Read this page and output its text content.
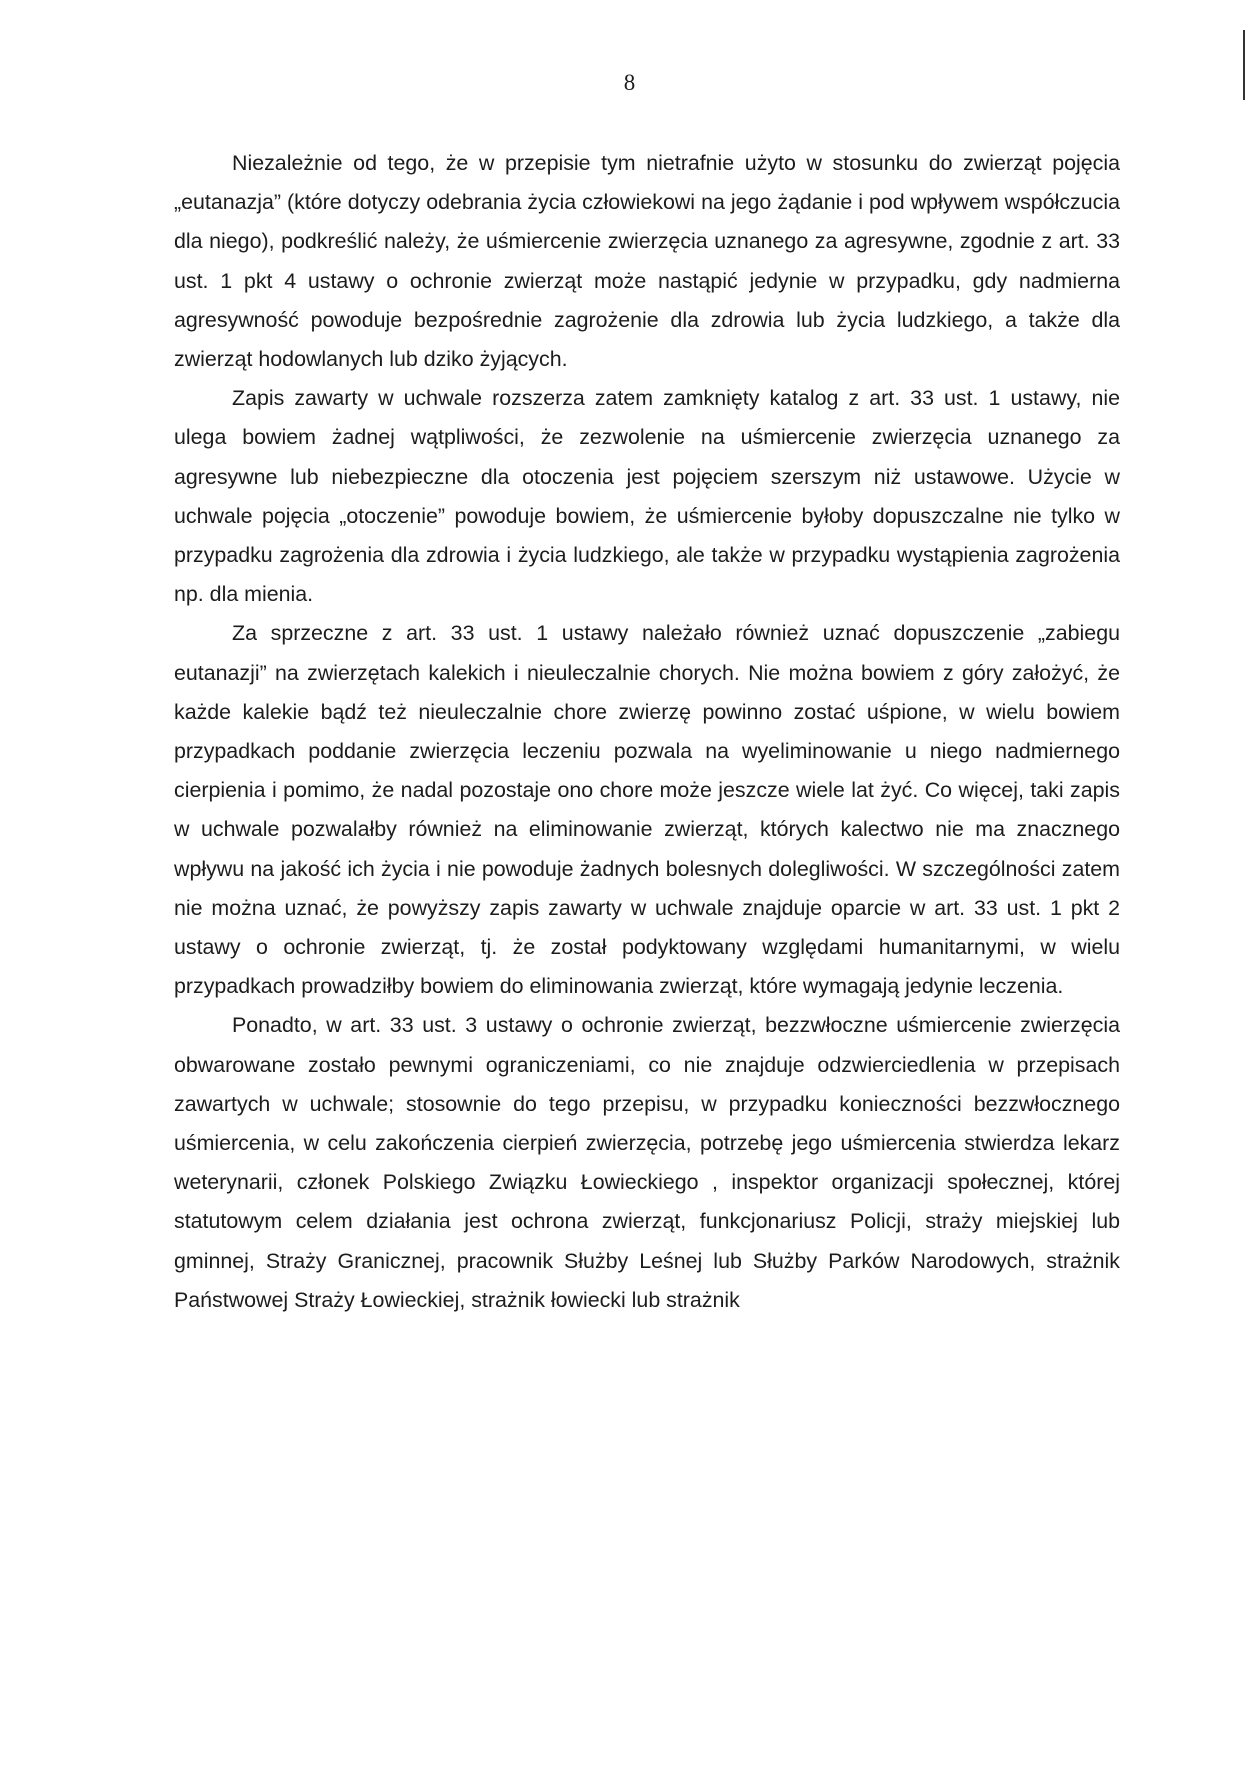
8

Niezależnie od tego, że w przepisie tym nietrafnie użyto w stosunku do zwierząt pojęcia „eutanazja” (które dotyczy odebrania życia człowiekowi na jego żądanie i pod wpływem współczucia dla niego), podkreślić należy, że uśmiercenie zwierzęcia uznanego za agresywne, zgodnie z art. 33 ust. 1 pkt 4 ustawy o ochronie zwierząt może nastąpić jedynie w przypadku, gdy nadmierna agresywność powoduje bezpośrednie zagrożenie dla zdrowia lub życia ludzkiego, a także dla zwierząt hodowlanych lub dziko żyjących.

Zapis zawarty w uchwale rozszerza zatem zamknięty katalog z art. 33 ust. 1 ustawy, nie ulega bowiem żadnej wątpliwości, że zezwolenie na uśmiercenie zwierzęcia uznanego za agresywne lub niebezpieczne dla otoczenia jest pojęciem szerszym niż ustawowe. Użycie w uchwale pojęcia „otoczenie” powoduje bowiem, że uśmiercenie byłoby dopuszczalne nie tylko w przypadku zagrożenia dla zdrowia i życia ludzkiego, ale także w przypadku wystąpienia zagrożenia np. dla mienia.

Za sprzeczne z art. 33 ust. 1 ustawy należało również uznać dopuszczenie „zabiegu eutanazji” na zwierzętach kalekich i nieuleczalnie chorych. Nie można bowiem z góry założyć, że każde kalekie bądź też nieuleczalnie chore zwierzę powinno zostać uśpione, w wielu bowiem przypadkach poddanie zwierzęcia leczeniu pozwala na wyeliminowanie u niego nadmiernego cierpienia i pomimo, że nadal pozostaje ono chore może jeszcze wiele lat żyć. Co więcej, taki zapis w uchwale pozwalałby również na eliminowanie zwierząt, których kalectwo nie ma znacznego wpływu na jakość ich życia i nie powoduje żadnych bolesnych dolegliwości. W szczególności zatem nie można uznać, że powyższy zapis zawarty w uchwale znajduje oparcie w art. 33 ust. 1 pkt 2 ustawy o ochronie zwierząt, tj. że został podyktowany względami humanitarnymi, w wielu przypadkach prowadziłby bowiem do eliminowania zwierząt, które wymagają jedynie leczenia.

Ponadto, w art. 33 ust. 3 ustawy o ochronie zwierząt, bezzwłoczne uśmiercenie zwierzęcia obwarowane zostało pewnymi ograniczeniami, co nie znajduje odzwierciedlenia w przepisach zawartych w uchwale; stosownie do tego przepisu, w przypadku konieczności bezzwłocznego uśmiercenia, w celu zakończenia cierpień zwierzęcia, potrzebę jego uśmiercenia stwierdza lekarz weterynarii, członek Polskiego Związku Łowieckiego , inspektor organizacji społecznej, której statutowym celem działania jest ochrona zwierząt, funkcjonariusz Policji, straży miejskiej lub gminnej, Straży Granicznej, pracownik Służby Leśnej lub Służby Parków Narodowych, strażnik Państwowej Straży Łowieckiej, strażnik łowiecki lub strażnik
